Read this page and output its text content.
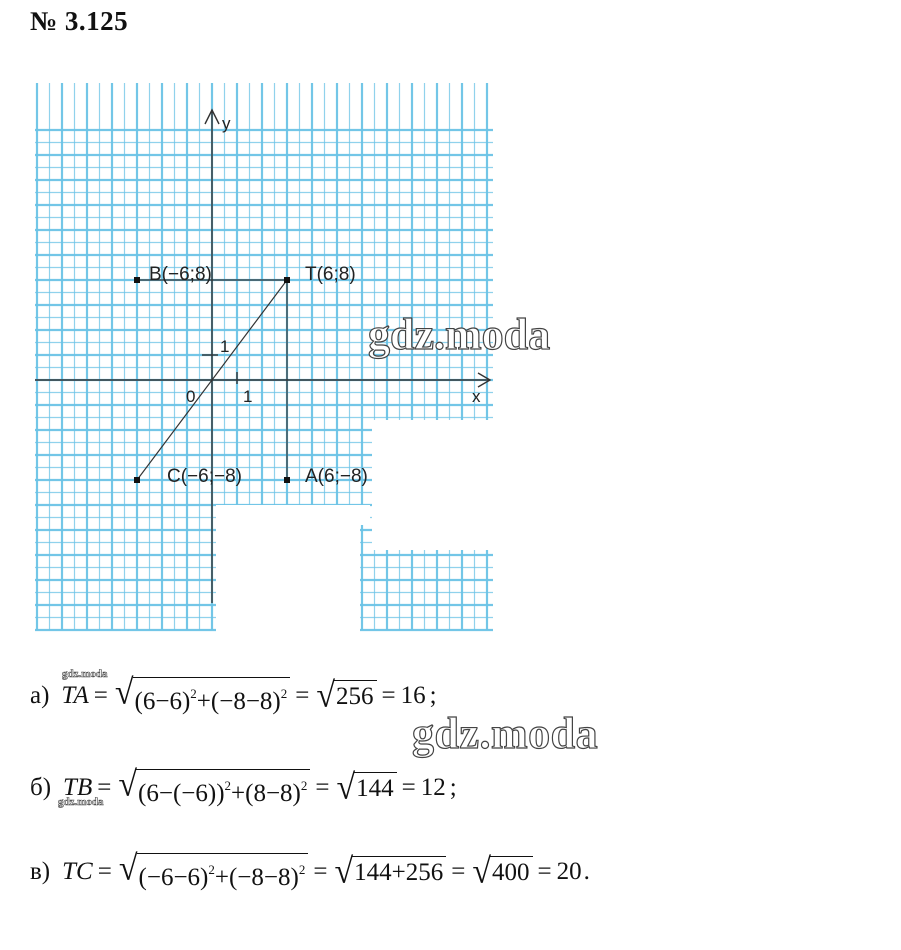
№ 3.125
B(−6;8)	T(6;8)
C(−6;−8)	A(6;−8)
y
x
0	1
1	gdz.moda
а) TA = √ $(6-6)^2+(-8-8)^2$ = √ 256 = 16 ;
gdz.moda
gdz.moda
б) TB = √ $(6-(-6))^2+(8-8)^2$ = √ 144 = 12 ;
gdz.moda
в) TC = √ $(-6-6)^2+(-8-8)^2$ = √ 144+256 = √ 400 = 20 .
